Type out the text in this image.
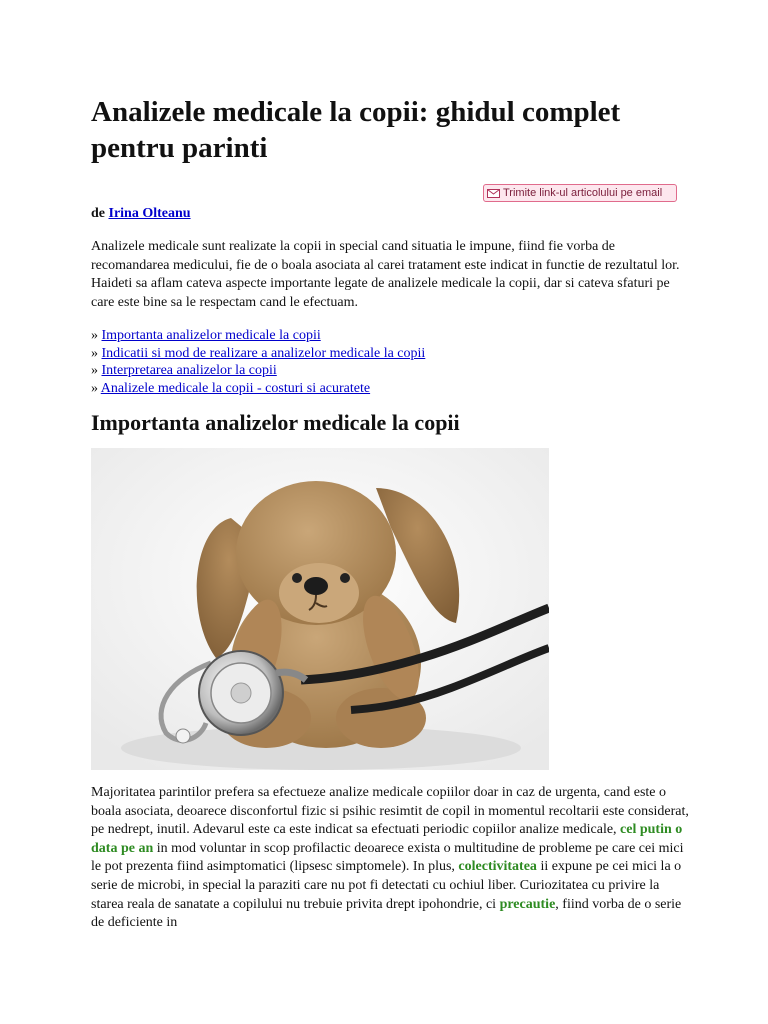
Analizele medicale la copii: ghidul complet pentru parinti
Trimite link-ul articolului pe email
de Irina Olteanu

Analizele medicale sunt realizate la copii in special cand situatia le impune, fiind fie vorba de recomandarea medicului, fie de o boala asociata al carei tratament este indicat in functie de rezultatul lor. Haideti sa aflam cateva aspecte importante legate de analizele medicale la copii, dar si cateva sfaturi pe care este bine sa le respectam cand le efectuam.

» Importanta analizelor medicale la copii
» Indicatii si mod de realizare a analizelor medicale la copii
» Interpretarea analizelor la copii
» Analizele medicale la copii - costuri si acuratete
Importanta analizelor medicale la copii

Majoritatea parintilor prefera sa efectueze analize medicale copiilor doar in caz de urgenta, cand este o boala asociata, deoarece disconfortul fizic si psihic resimtit de copil in momentul recoltarii este considerat, pe nedrept, inutil. Adevarul este ca este indicat sa efectuati periodic copiilor analize medicale, cel putin o data pe an in mod voluntar in scop profilactic deoarece exista o multitudine de probleme pe care cei mici le pot prezenta fiind asimptomatici (lipsesc simptomele). In plus, colectivitatea ii expune pe cei mici la o serie de microbi, in special la paraziti care nu pot fi detectati cu ochiul liber. Curiozitatea cu privire la starea reala de sanatate a copilului nu trebuie privita drept ipohondrie, ci precautie, fiind vorba de o serie de deficiente in
